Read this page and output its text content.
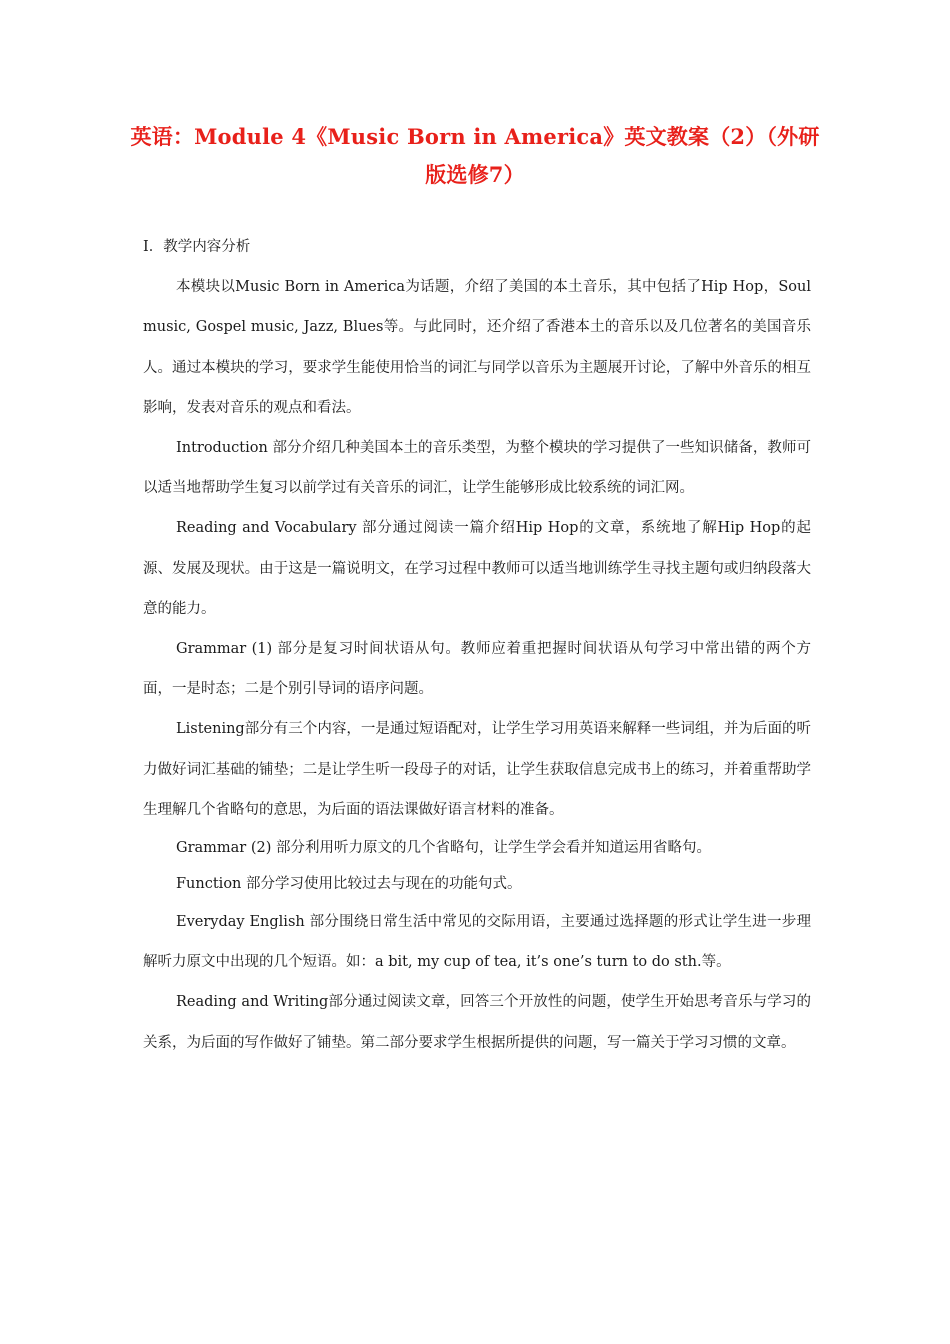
英语：Module 4《Music Born in America》英文教案（2）（外研版选修7）

I．教学内容分析

本模块以Music Born in America为话题，介绍了美国的本土音乐，其中包括了Hip Hop，Soul music, Gospel music, Jazz, Blues等。与此同时，还介绍了香港本土的音乐以及几位著名的美国音乐人。通过本模块的学习，要求学生能使用恰当的词汇与同学以音乐为主题展开讨论，了解中外音乐的相互影响，发表对音乐的观点和看法。

Introduction 部分介绍几种美国本土的音乐类型，为整个模块的学习提供了一些知识储备，教师可以适当地帮助学生复习以前学过有关音乐的词汇，让学生能够形成比较系统的词汇网。

Reading and Vocabulary 部分通过阅读一篇介绍Hip Hop的文章，系统地了解Hip Hop的起源、发展及现状。由于这是一篇说明文，在学习过程中教师可以适当地训练学生寻找主题句或归纳段落大意的能力。

Grammar (1) 部分是复习时间状语从句。教师应着重把握时间状语从句学习中常出错的两个方面，一是时态；二是个别引导词的语序问题。

Listening部分有三个内容，一是通过短语配对，让学生学习用英语来解释一些词组，并为后面的听力做好词汇基础的铺垫；二是让学生听一段母子的对话，让学生获取信息完成书上的练习，并着重帮助学生理解几个省略句的意思，为后面的语法课做好语言材料的准备。

Grammar (2) 部分利用听力原文的几个省略句，让学生学会看并知道运用省略句。

Function 部分学习使用比较过去与现在的功能句式。

Everyday English 部分围绕日常生活中常见的交际用语，主要通过选择题的形式让学生进一步理解听力原文中出现的几个短语。如：a bit, my cup of tea, it’s one’s turn to do sth.等。

Reading and Writing部分通过阅读文章，回答三个开放性的问题，使学生开始思考音乐与学习的关系，为后面的写作做好了铺垫。第二部分要求学生根据所提供的问题，写一篇关于学习习惯的文章。
